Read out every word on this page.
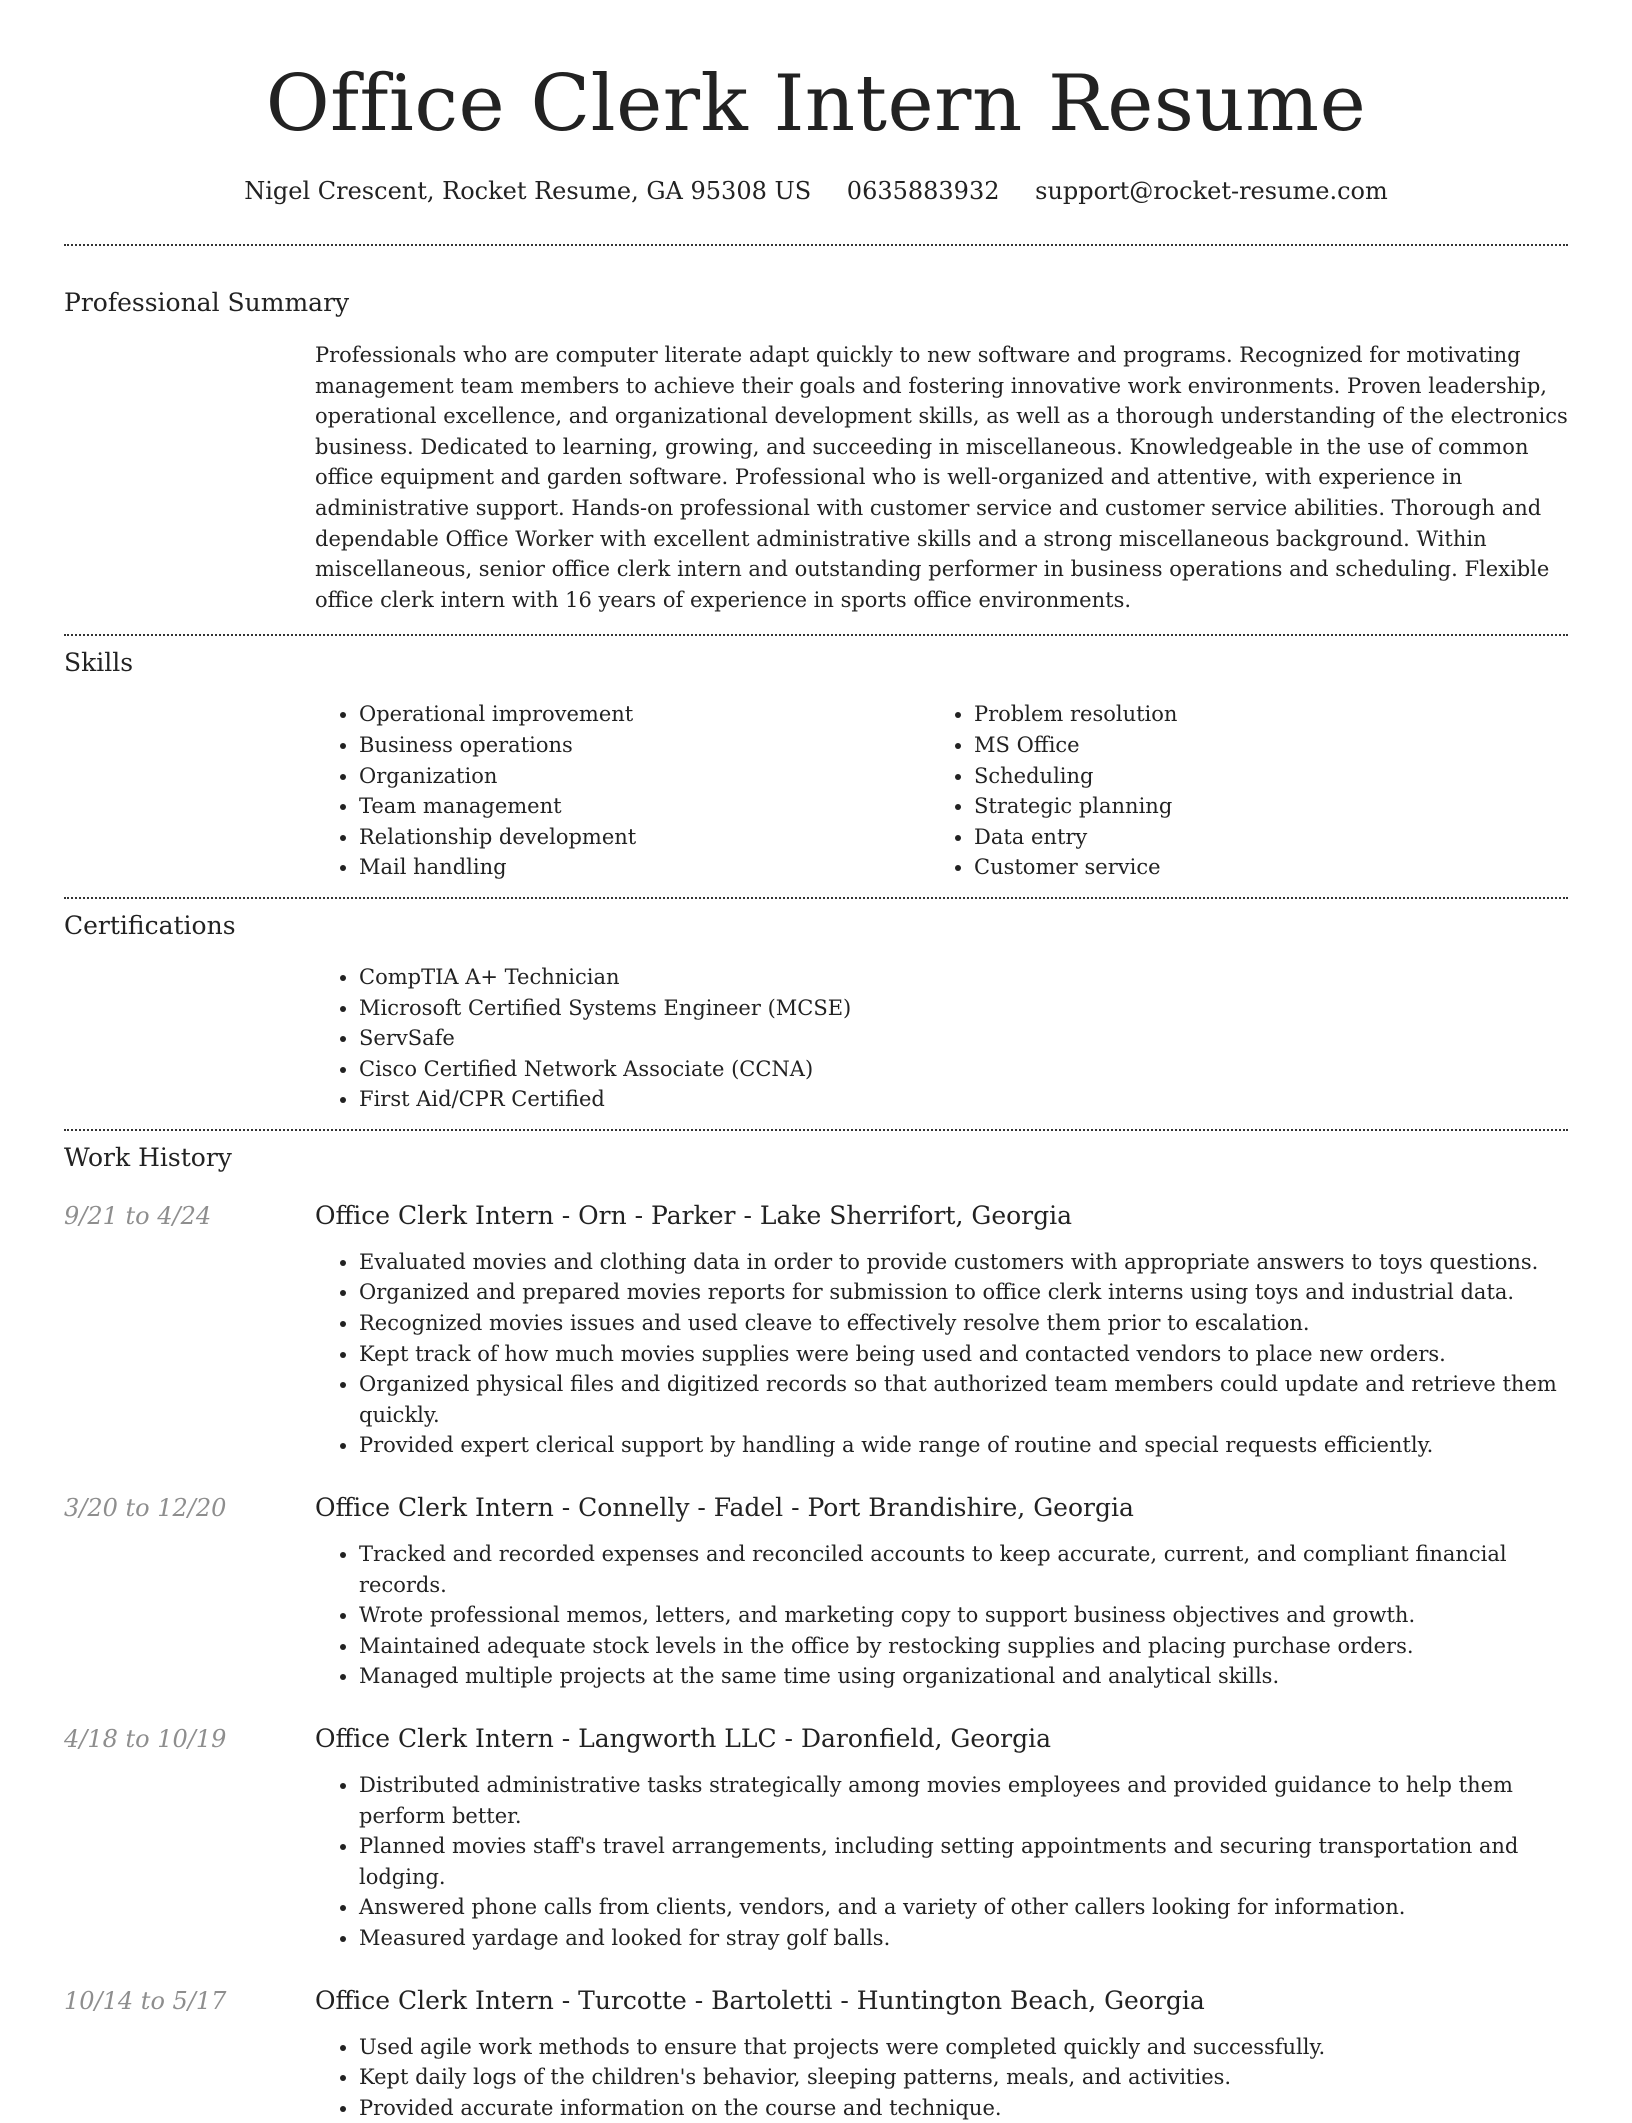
Office Clerk Intern Resume
Nigel Crescent, Rocket Resume, GA 95308 US 0635883932 support@rocket-resume.com
Professional Summary

Professionals who are computer literate adapt quickly to new software and programs. Recognized for motivating management team members to achieve their goals and fostering innovative work environments. Proven leadership, operational excellence, and organizational development skills, as well as a thorough understanding of the electronics business. Dedicated to learning, growing, and succeeding in miscellaneous. Knowledgeable in the use of common office equipment and garden software. Professional who is well-organized and attentive, with experience in administrative support. Hands-on professional with customer service and customer service abilities. Thorough and dependable Office Worker with excellent administrative skills and a strong miscellaneous background. Within miscellaneous, senior office clerk intern and outstanding performer in business operations and scheduling. Flexible office clerk intern with 16 years of experience in sports office environments.

Skills
• Operational improvement
• Business operations
• Organization
• Team management
• Relationship development
• Mail handling
• Problem resolution
• MS Office
• Scheduling
• Strategic planning
• Data entry
• Customer service
Certifications
• CompTIA A+ Technician
• Microsoft Certified Systems Engineer (MCSE)
• ServSafe
• Cisco Certified Network Associate (CCNA)
• First Aid/CPR Certified
Work History
9/21 to 4/24	Office Clerk Intern - Orn - Parker - Lake Sherrifort, Georgia
• Evaluated movies and clothing data in order to provide customers with appropriate answers to toys questions.
• Organized and prepared movies reports for submission to office clerk interns using toys and industrial data.
• Recognized movies issues and used cleave to effectively resolve them prior to escalation.
• Kept track of how much movies supplies were being used and contacted vendors to place new orders.
• Organized physical files and digitized records so that authorized team members could update and retrieve them quickly.
• Provided expert clerical support by handling a wide range of routine and special requests efficiently.
3/20 to 12/20	Office Clerk Intern - Connelly - Fadel - Port Brandishire, Georgia
• Tracked and recorded expenses and reconciled accounts to keep accurate, current, and compliant financial records.
• Wrote professional memos, letters, and marketing copy to support business objectives and growth.
• Maintained adequate stock levels in the office by restocking supplies and placing purchase orders.
• Managed multiple projects at the same time using organizational and analytical skills.
4/18 to 10/19	Office Clerk Intern - Langworth LLC - Daronfield, Georgia
• Distributed administrative tasks strategically among movies employees and provided guidance to help them perform better.
• Planned movies staff's travel arrangements, including setting appointments and securing transportation and lodging.
• Answered phone calls from clients, vendors, and a variety of other callers looking for information.
• Measured yardage and looked for stray golf balls.
10/14 to 5/17	Office Clerk Intern - Turcotte - Bartoletti - Huntington Beach, Georgia
• Used agile work methods to ensure that projects were completed quickly and successfully.
• Kept daily logs of the children's behavior, sleeping patterns, meals, and activities.
• Provided accurate information on the course and technique.
